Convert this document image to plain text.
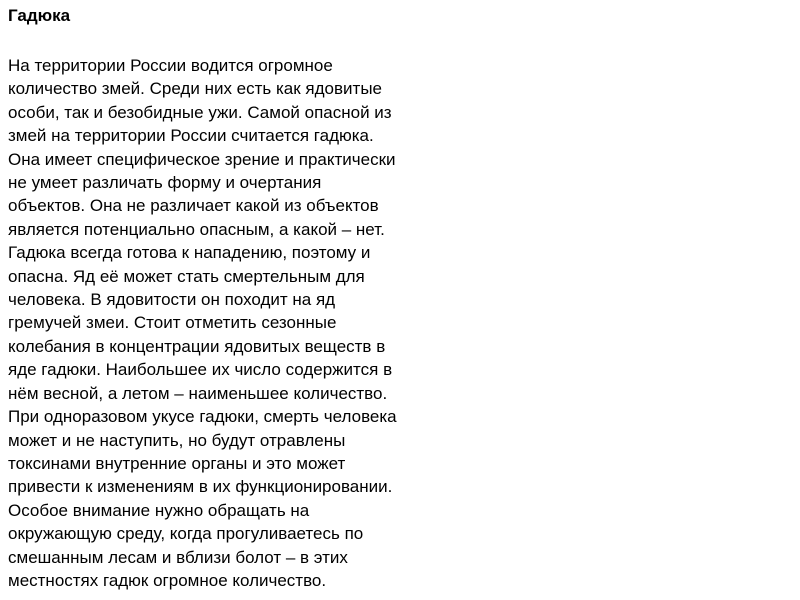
Гадюка
На территории России водится огромное
количество змей. Среди них есть как ядовитые
особи, так и безобидные ужи. Самой опасной из
змей на территории России считается гадюка.
Она имеет специфическое зрение и практически
не умеет различать форму и очертания
объектов. Она не различает какой из объектов
является потенциально опасным, а какой – нет.
Гадюка всегда готова к нападению, поэтому и
опасна. Яд её может стать смертельным для
человека. В ядовитости он походит на яд
гремучей змеи. Стоит отметить сезонные
колебания в концентрации ядовитых веществ в
яде гадюки. Наибольшее их число содержится в
нём весной, а летом – наименьшее количество.
При одноразовом укусе гадюки, смерть человека
может и не наступить, но будут отравлены
токсинами внутренние органы и это может
привести к изменениям в их функционировании.
Особое внимание нужно обращать на
окружающую среду, когда прогуливаетесь по
смешанным лесам и вблизи болот – в этих
местностях гадюк огромное количество.
